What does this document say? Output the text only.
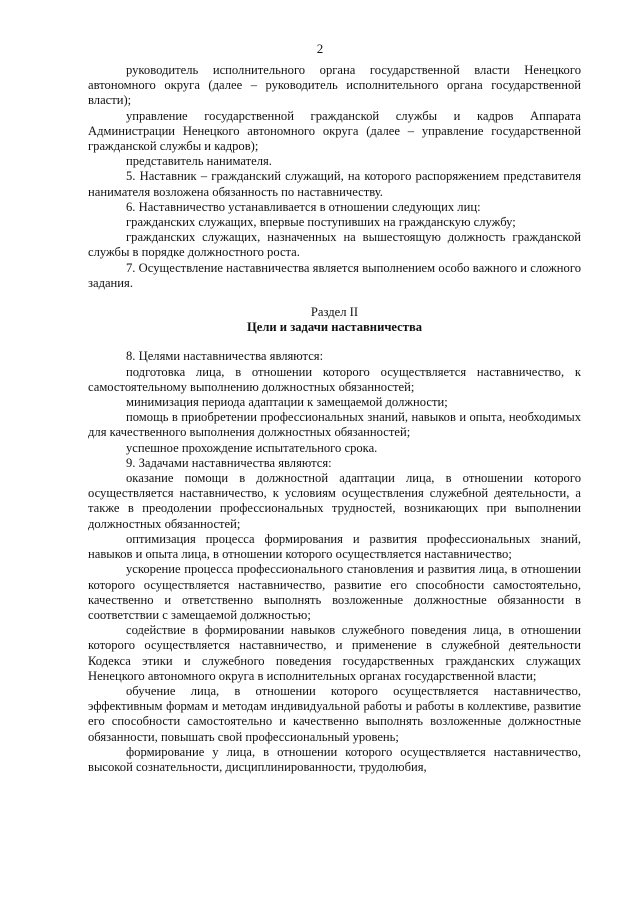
2

руководитель исполнительного органа государственной власти Ненецкого автономного округа (далее – руководитель исполнительного органа государственной власти);

управление государственной гражданской службы и кадров Аппарата Администрации Ненецкого автономного округа (далее – управление государственной гражданской службы и кадров);

представитель нанимателя.

5. Наставник – гражданский служащий, на которого распоряжением представителя нанимателя возложена обязанность по наставничеству.

6. Наставничество устанавливается в отношении следующих лиц:

гражданских служащих, впервые поступивших на гражданскую службу;

гражданских служащих, назначенных на вышестоящую должность гражданской службы в порядке должностного роста.

7. Осуществление наставничества является выполнением особо важного и сложного задания.

Раздел II

Цели и задачи наставничества

8. Целями наставничества являются:

подготовка лица, в отношении которого осуществляется наставничество, к самостоятельному выполнению должностных обязанностей;

минимизация периода адаптации к замещаемой должности;

помощь в приобретении профессиональных знаний, навыков и опыта, необходимых для качественного выполнения должностных обязанностей;

успешное прохождение испытательного срока.

9. Задачами наставничества являются:

оказание помощи в должностной адаптации лица, в отношении которого осуществляется наставничество, к условиям осуществления служебной деятельности, а также в преодолении профессиональных трудностей, возникающих при выполнении должностных обязанностей;

оптимизация процесса формирования и развития профессиональных знаний, навыков и опыта лица, в отношении которого осуществляется наставничество;

ускорение процесса профессионального становления и развития лица, в отношении которого осуществляется наставничество, развитие его способности самостоятельно, качественно и ответственно выполнять возложенные должностные обязанности в соответствии с замещаемой должностью;

содействие в формировании навыков служебного поведения лица, в отношении которого осуществляется наставничество, и применение в служебной деятельности Кодекса этики и служебного поведения государственных гражданских служащих Ненецкого автономного округа в исполнительных органах государственной власти;

обучение лица, в отношении которого осуществляется наставничество, эффективным формам и методам индивидуальной работы и работы в коллективе, развитие его способности самостоятельно и качественно выполнять возложенные должностные обязанности, повышать свой профессиональный уровень;

формирование у лица, в отношении которого осуществляется наставничество, высокой сознательности, дисциплинированности, трудолюбия,
